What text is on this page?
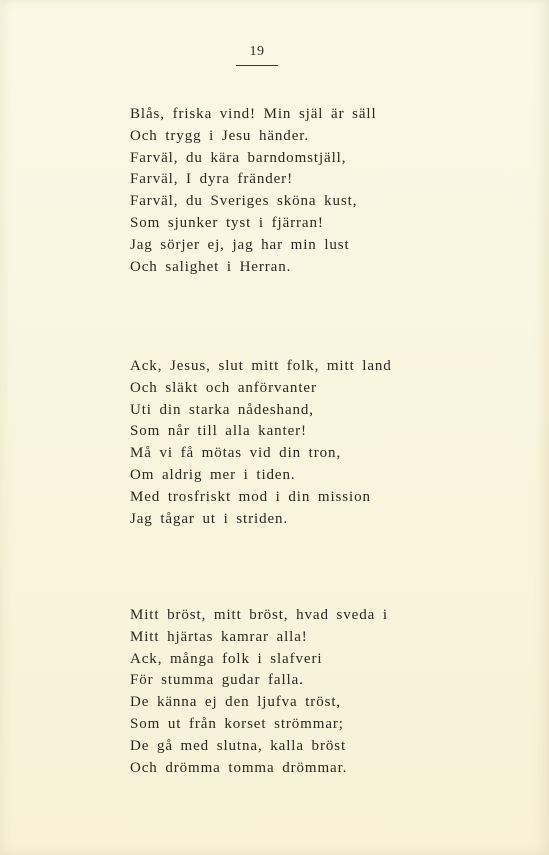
19
Blås, friska vind! Min själ är säll
Och trygg i Jesu händer.
Farväl, du kära barndomstjäll,
Farväl, I dyra fränder!
Farväl, du Sveriges sköna kust,
Som sjunker tyst i fjärran!
Jag sörjer ej, jag har min lust
Och salighet i Herran.
Ack, Jesus, slut mitt folk, mitt land
Och släkt och anförvanter
Uti din starka nådeshand,
Som når till alla kanter!
Må vi få mötas vid din tron,
Om aldrig mer i tiden.
Med trosfriskt mod i din mission
Jag tågar ut i striden.
Mitt bröst, mitt bröst, hvad sveda i
Mitt hjärtas kamrar alla!
Ack, många folk i slafveri
För stumma gudar falla.
De känna ej den ljufva tröst,
Som ut från korset strömmar;
De gå med slutna, kalla bröst
Och drömma tomma drömmar.
